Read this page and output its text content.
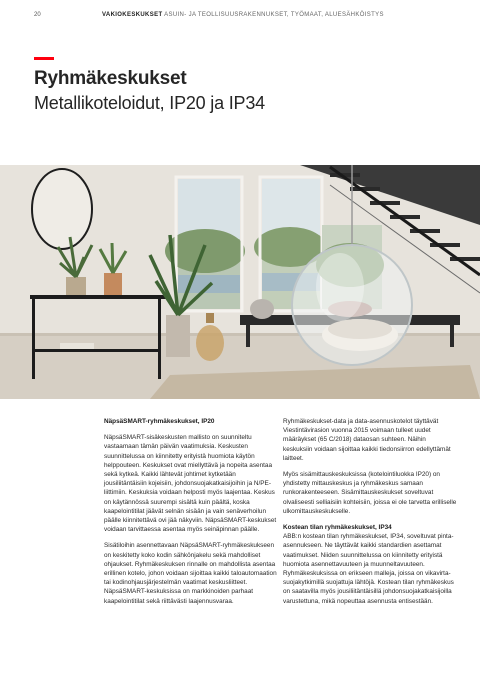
20	VAKIOKESKUKSET ASUIN- JA TEOLLISUUSRAKENNUKSET, TYÖMAAT, ALUESÄHKÖISTYS
Ryhmäkeskukset
Metallikoteloidut, IP20 ja IP34

NäpsäSMART-ryhmäkeskukset, IP20

NäpsäSMART-sisäkeskusten mallisto on suunniteltu vastaamaan tämän päivän vaatimuksia. Keskusten suunnittelussa on kiinnitetty erityistä huomiota käytön helppouteen. Keskukset ovat miellyttävä ja nopeita asentaa sekä kytkeä. Kaikki lähtevät johtimet kytketään jousiliitäntäisiin kojeisiin, johdonsuojakatkaisijoihin ja N/PE-liittimiin. Keskuksia voidaan helposti myös laajentaa. Keskus on käytännössä suurempi sisältä kuin päältä, koska kaapelointitilat jäävät selnän sisään ja vain senäverhoilun päälle kiinnitettävä ovi jää näkyviin. NäpsäSMART-keskukset voidaan tarvittaessa asentaa myös seinäpinnan päälle.

Sisätiloihin asennettavaan NäpsäSMART-ryhmäkeskukseen on keskitetty koko kodin sähkönjakelu sekä mahdolliset ohjaukset. Ryhmäkeskuksen rinnalle on mahdollista asentaa erillinen kotelo, johon voidaan sijoittaa kaikki taloautomaation tai kodinohjausjärjestelmän vaatimat keskusliitteet. NäpsäSMART-keskuksissa on markkinoiden parhaat kaapelointitilat sekä riittävästi laajennusvaraa.

Ryhmäkeskukset-data ja data-asennuskotelot täyttävät Viestintävirasion vuonna 2015 voimaan tulleet uudet määräykset (65 C/2018) dataosan suhteen. Näihin keskuksiin voidaan sijoittaa kaikki tiedonsiirron edellyttämät laitteet.

Myös sisämittauskeskuksissa (kotelointiluokka IP20) on yhdistetty mittauskeskus ja ryhmäkeskus samaan runkorakenteeseen. Sisämittauskeskukset soveltuvat olvaliseesti selliaisiin kohteisiin, joissa ei ole tarvetta erilliselle ulkomittauskeskukselle.

Kostean tilan ryhmäkeskukset, IP34

ABB:n kostean tilan ryhmäkeskukset, IP34, soveltuvat pinta-asennukseen. Ne täyttävät kaikki standardien asettamat vaatimukset. Niiden suunnittelussa on kiinnitetty erityistä huomiota asennettavuuteen ja muunneltavuuteen. Ryhmäkeskuksissa on erikseen malleja, joissa on vikavirta-suojakytkimillä suojattuja lähtöjä. Kostean tilan ryhmäkeskus on saatavilla myös jousiliitäntäisillä johdonsuojakatkaisijoilla varustettuna, mikä nopeuttaa asennusta entisestään.
